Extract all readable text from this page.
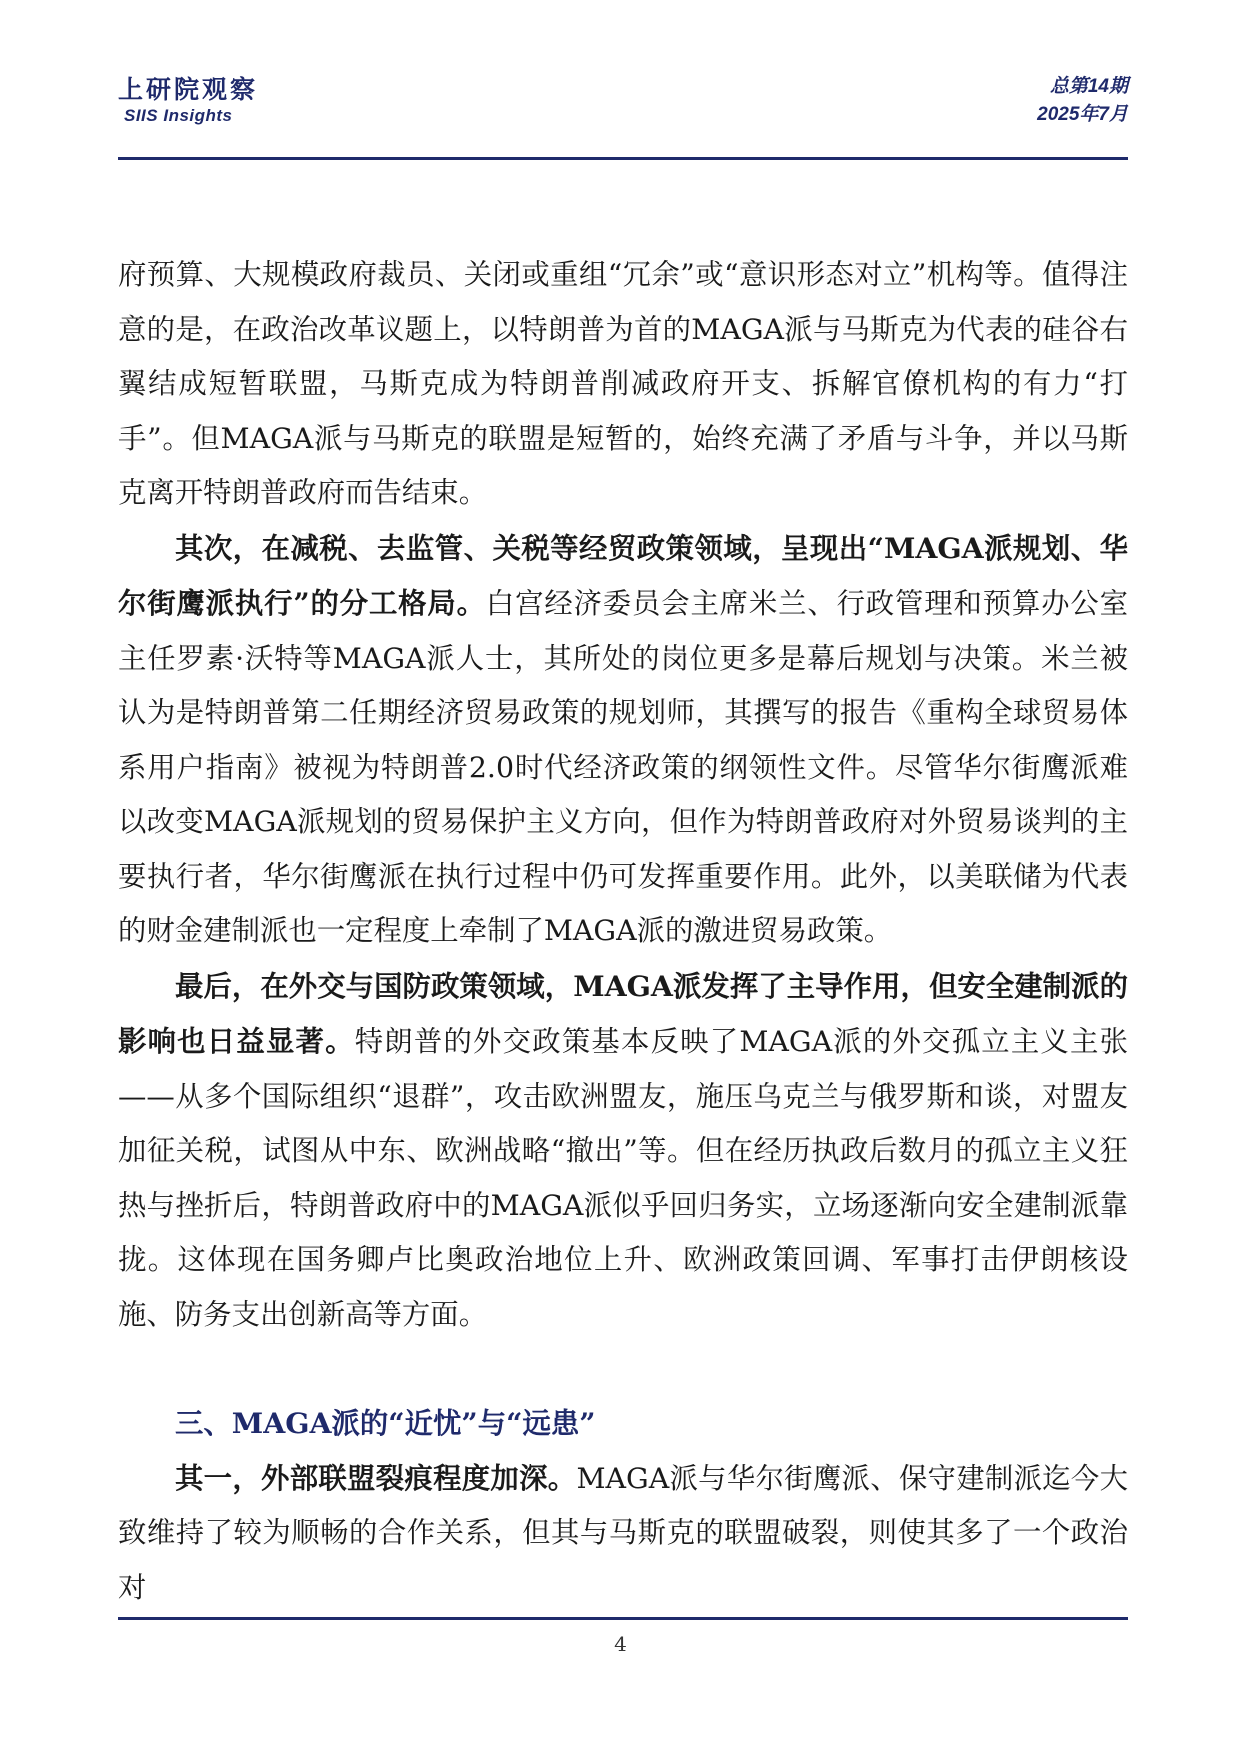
上研院观察
SIIS Insights
总第14期
2025年7月

府预算、大规模政府裁员、关闭或重组“冗余”或“意识形态对立”机构等。值得注意的是，在政治改革议题上，以特朗普为首的MAGA派与马斯克为代表的硅谷右翼结成短暂联盟，马斯克成为特朗普削减政府开支、拆解官僚机构的有力“打手”。但MAGA派与马斯克的联盟是短暂的，始终充满了矛盾与斗争，并以马斯克离开特朗普政府而告结束。

其次，在减税、去监管、关税等经贸政策领域，呈现出“MAGA派规划、华尔街鹰派执行”的分工格局。白宫经济委员会主席米兰、行政管理和预算办公室主任罗素·沃特等MAGA派人士，其所处的岗位更多是幕后规划与决策。米兰被认为是特朗普第二任期经济贸易政策的规划师，其撰写的报告《重构全球贸易体系用户指南》被视为特朗普2.0时代经济政策的纲领性文件。尽管华尔街鹰派难以改变MAGA派规划的贸易保护主义方向，但作为特朗普政府对外贸易谈判的主要执行者，华尔街鹰派在执行过程中仍可发挥重要作用。此外，以美联储为代表的财金建制派也一定程度上牵制了MAGA派的激进贸易政策。

最后，在外交与国防政策领域，MAGA派发挥了主导作用，但安全建制派的影响也日益显著。特朗普的外交政策基本反映了MAGA派的外交孤立主义主张——从多个国际组织“退群”，攻击欧洲盟友，施压乌克兰与俄罗斯和谈，对盟友加征关税，试图从中东、欧洲战略“撤出”等。但在经历执政后数月的孤立主义狂热与挫折后，特朗普政府中的MAGA派似乎回归务实，立场逐渐向安全建制派靠拢。这体现在国务卿卢比奥政治地位上升、欧洲政策回调、军事打击伊朗核设施、防务支出创新高等方面。

三、MAGA派的“近忧”与“远患”

其一，外部联盟裂痕程度加深。MAGA派与华尔街鹰派、保守建制派迄今大致维持了较为顺畅的合作关系，但其与马斯克的联盟破裂，则使其多了一个政治对

4
